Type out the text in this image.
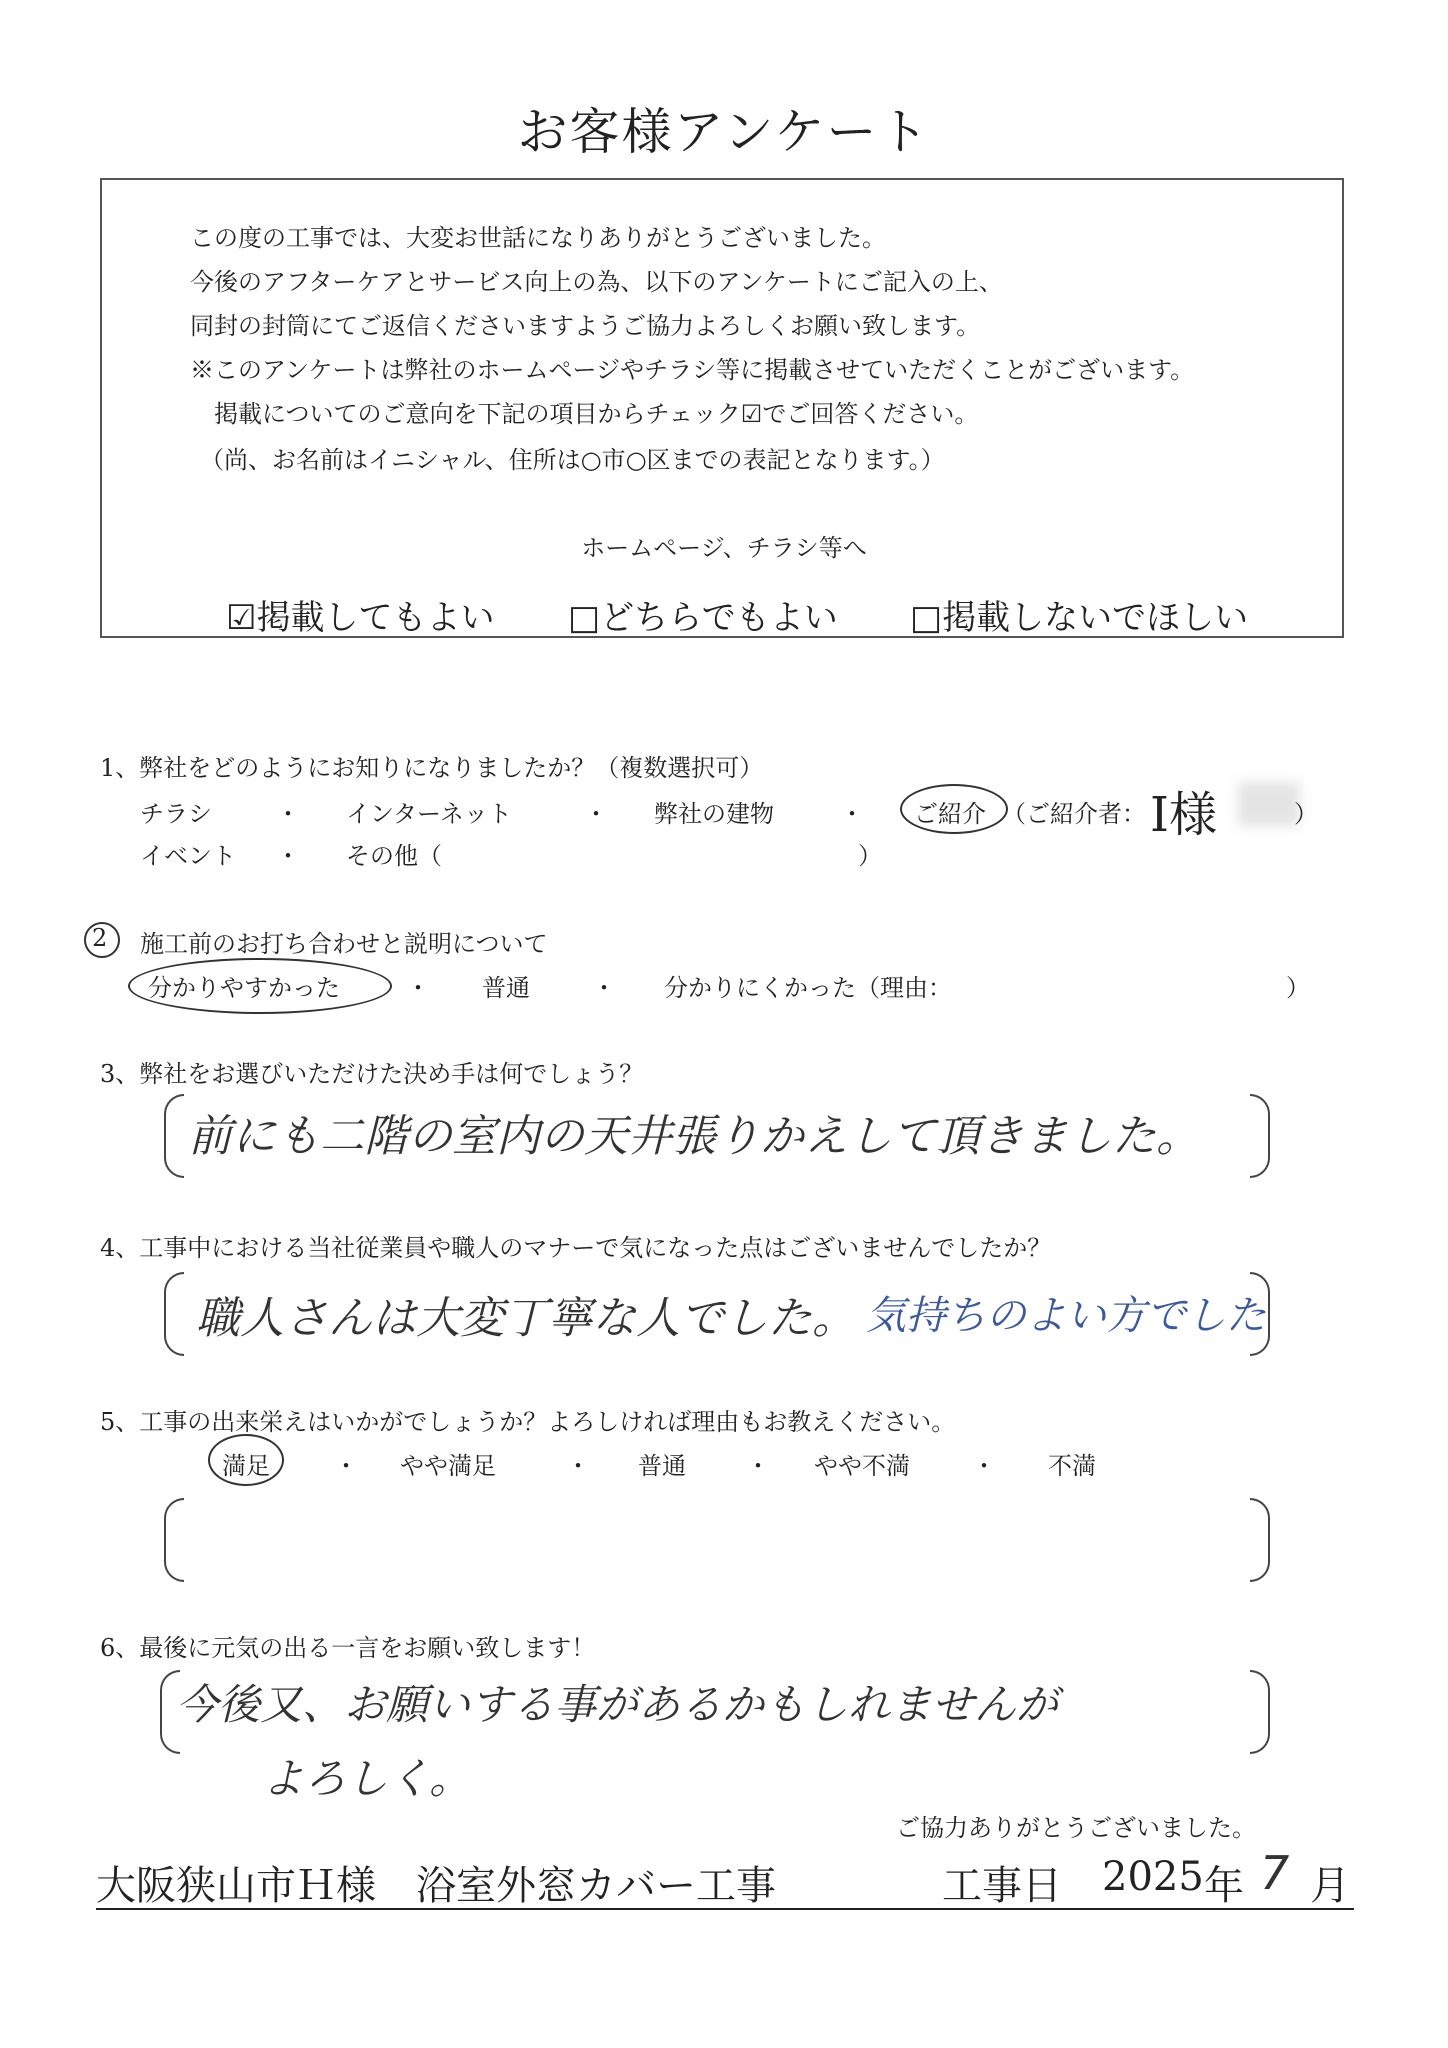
お客様アンケート
この度の工事では、大変お世話になりありがとうございました。
今後のアフターケアとサービス向上の為、以下のアンケートにご記入の上、
同封の封筒にてご返信くださいますようご協力よろしくお願い致します。
※このアンケートは弊社のホームページやチラシ等に掲載させていただくことがございます。
掲載についてのご意向を下記の項目からチェック☑でご回答ください。
（尚、お名前はイニシャル、住所は○市○区までの表記となります。）
ホームページ、チラシ等へ
☑掲載してもよい □どちらでもよい □掲載しないでほしい
1、弊社をどのようにお知りになりましたか？（複数選択可）
チラシ	・ インターネット	・ 弊社の建物	・ ご紹介 （ご紹介者： I様	）
イベント ・ その他（	）
2 施工前のお打ち合わせと説明について
分かりやすかった	・ 普通	・ 分かりにくかった（理由：	）
3、弊社をお選びいただけた決め手は何でしょう？
前にも二階の室内の天井張りかえして頂きました。
4、工事中における当社従業員や職人のマナーで気になった点はございませんでしたか？
職人さんは大変丁寧な人でした。 気持ちのよい方でした
5、工事の出来栄えはいかがでしょうか？よろしければ理由もお教えください。
満足	・ やや満足	・ 普通	・ やや不満	・ 不満
6、最後に元気の出る一言をお願い致します！
今後又、お願いする事があるかもしれませんが
よろしく。
ご協力ありがとうございました。
大阪狭山市Ｈ様　浴室外窓カバー工事	工事日 2025 年 7 月
